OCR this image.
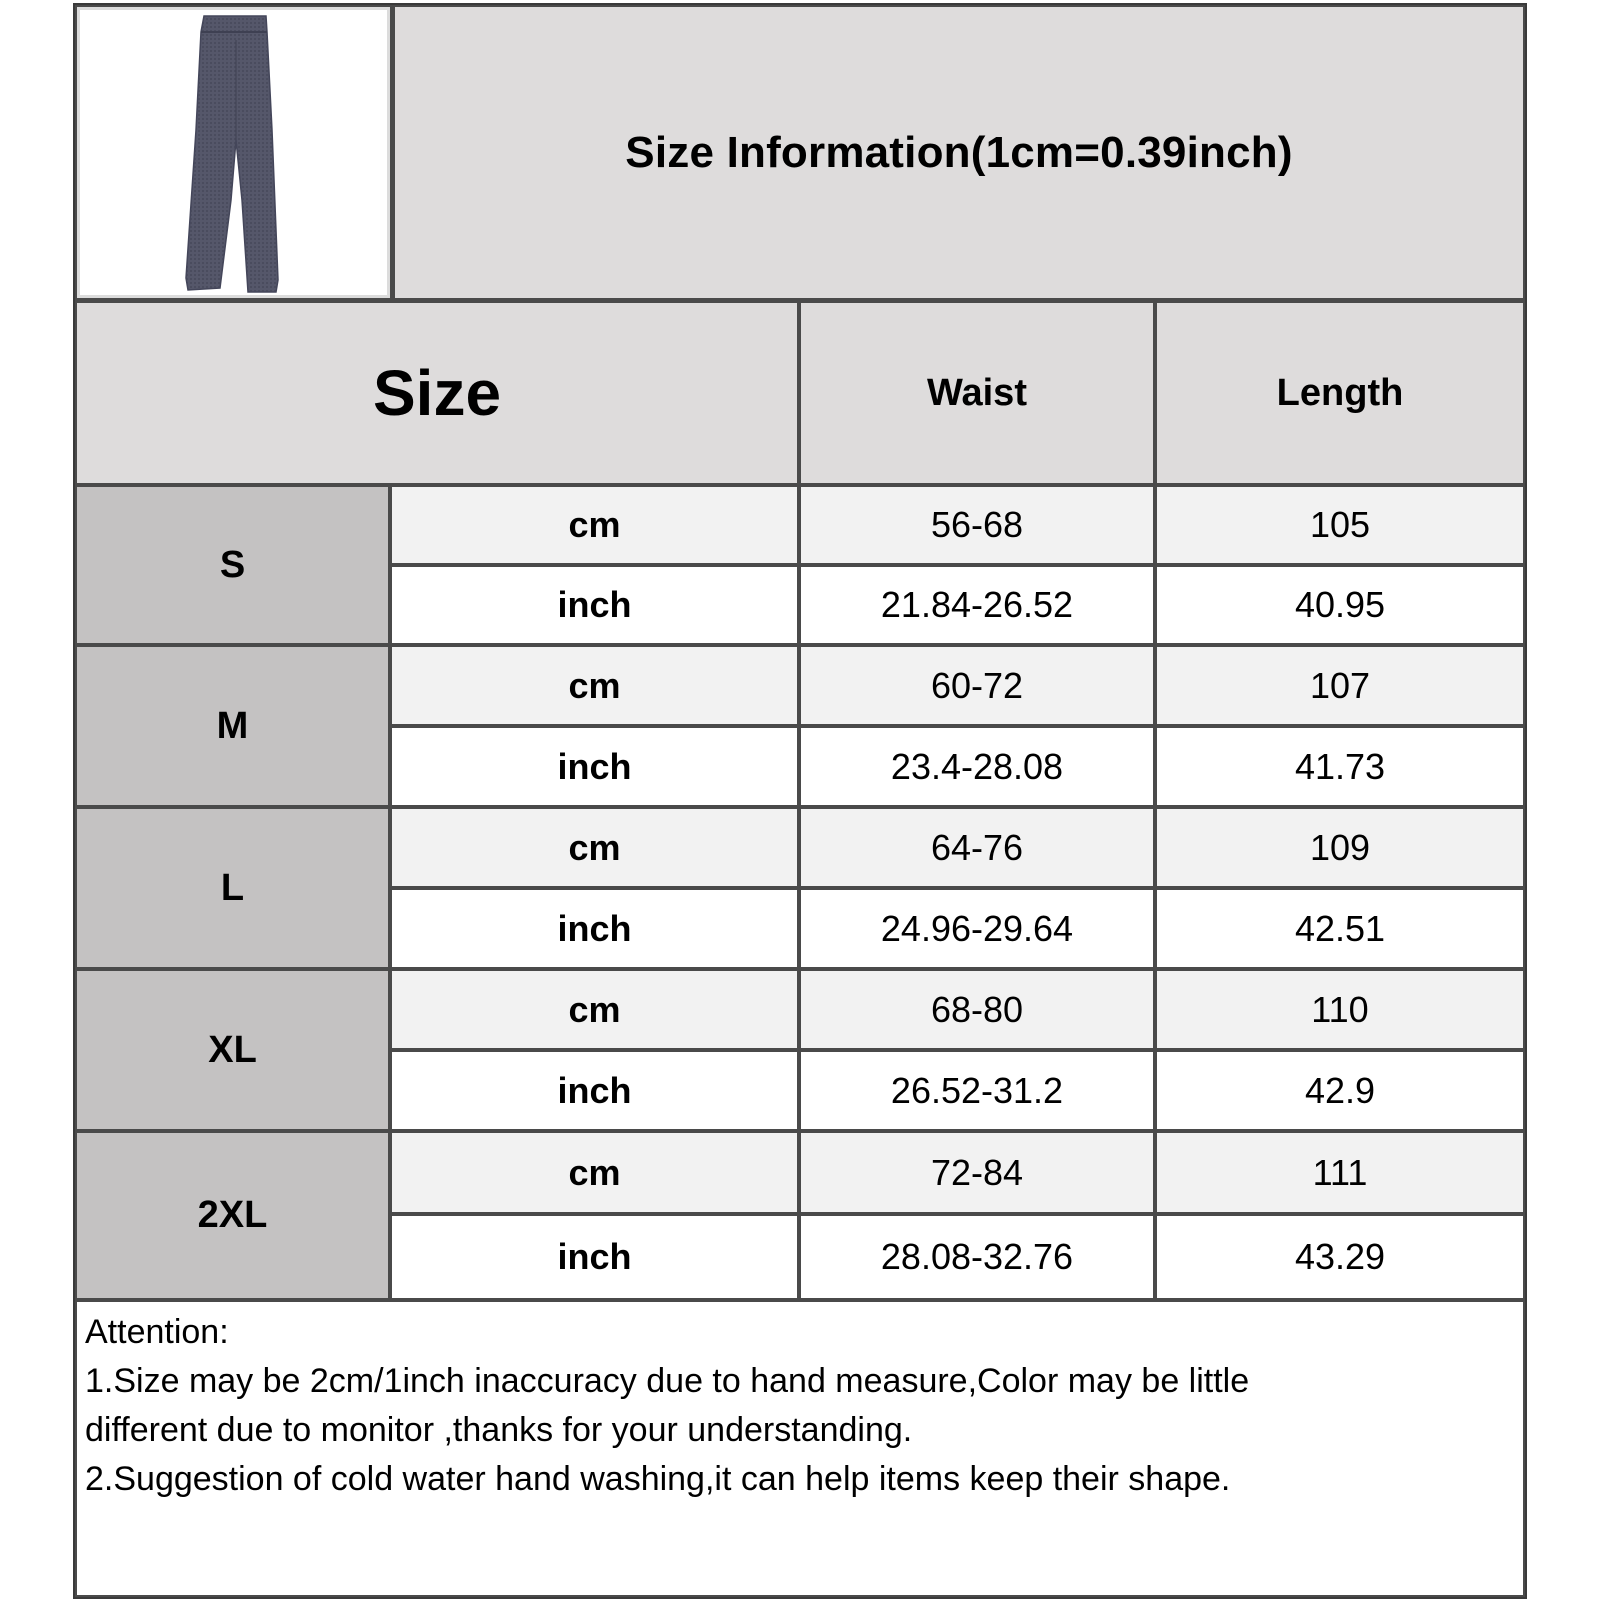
Size Information(1cm=0.39inch)
Size	Waist	Length
S
cm	56-68	105
inch	21.84-26.52	40.95
M
cm	60-72	107
inch	23.4-28.08	41.73
L
cm	64-76	109
inch	24.96-29.64	42.51
XL
cm	68-80	110
inch	26.52-31.2	42.9
2XL
cm	72-84	111
inch	28.08-32.76	43.29
Attention:
1.Size may be 2cm/1inch inaccuracy due to hand measure,Color may be little
different due to monitor ,thanks for your understanding.
2.Suggestion of cold water hand washing,it can help items keep their shape.
